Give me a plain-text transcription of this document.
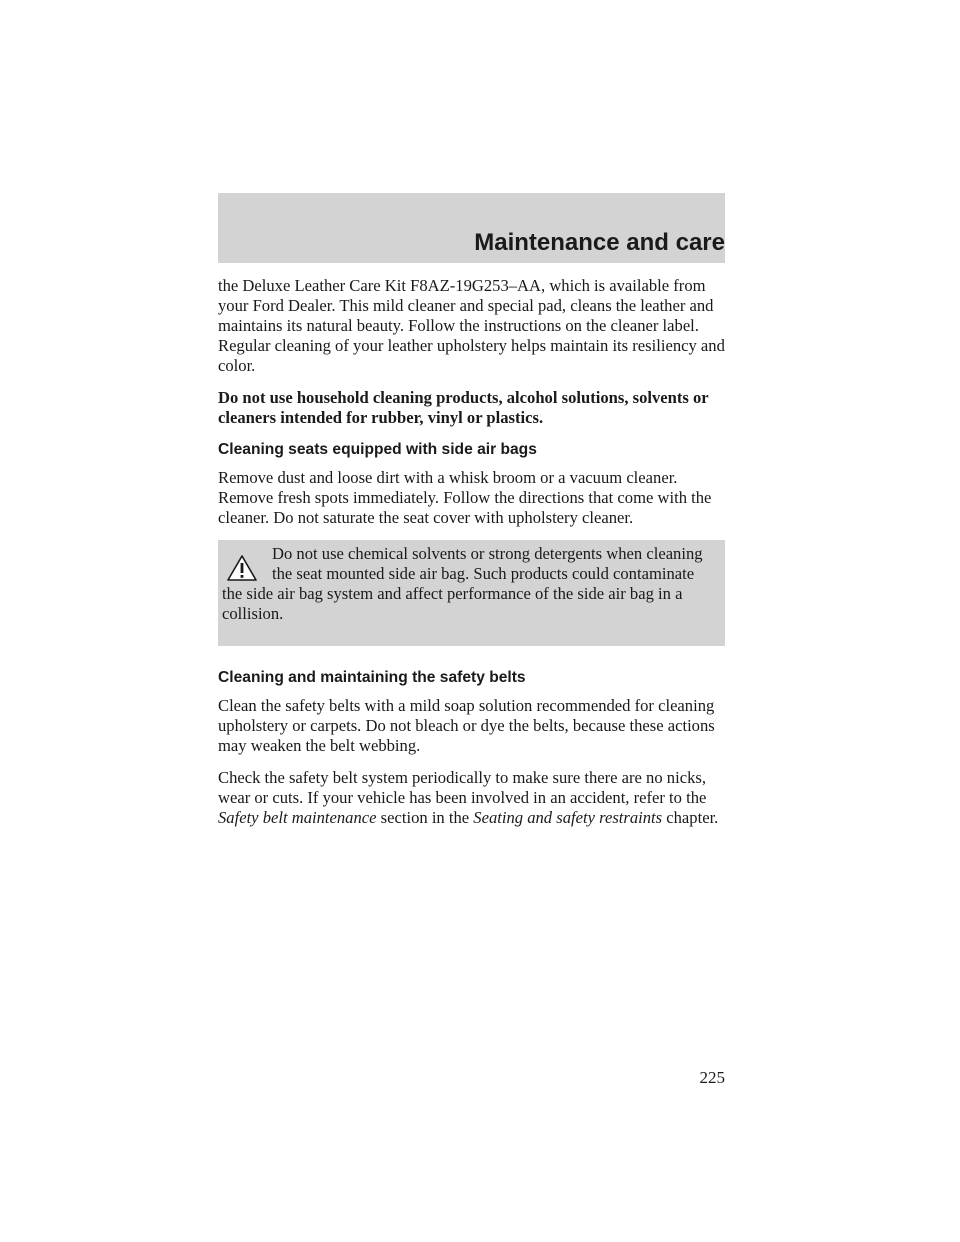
Maintenance and care

the Deluxe Leather Care Kit F8AZ-19G253–AA, which is available from your Ford Dealer. This mild cleaner and special pad, cleans the leather and maintains its natural beauty. Follow the instructions on the cleaner label. Regular cleaning of your leather upholstery helps maintain its resiliency and color.

Do not use household cleaning products, alcohol solutions, solvents or cleaners intended for rubber, vinyl or plastics.

Cleaning seats equipped with side air bags

Remove dust and loose dirt with a whisk broom or a vacuum cleaner. Remove fresh spots immediately. Follow the directions that come with the cleaner. Do not saturate the seat cover with upholstery cleaner.

Do not use chemical solvents or strong detergents when cleaning the seat mounted side air bag. Such products could contaminate the side air bag system and affect performance of the side air bag in a collision.

Cleaning and maintaining the safety belts

Clean the safety belts with a mild soap solution recommended for cleaning upholstery or carpets. Do not bleach or dye the belts, because these actions may weaken the belt webbing.

Check the safety belt system periodically to make sure there are no nicks, wear or cuts. If your vehicle has been involved in an accident, refer to the Safety belt maintenance section in the Seating and safety restraints chapter.

225
